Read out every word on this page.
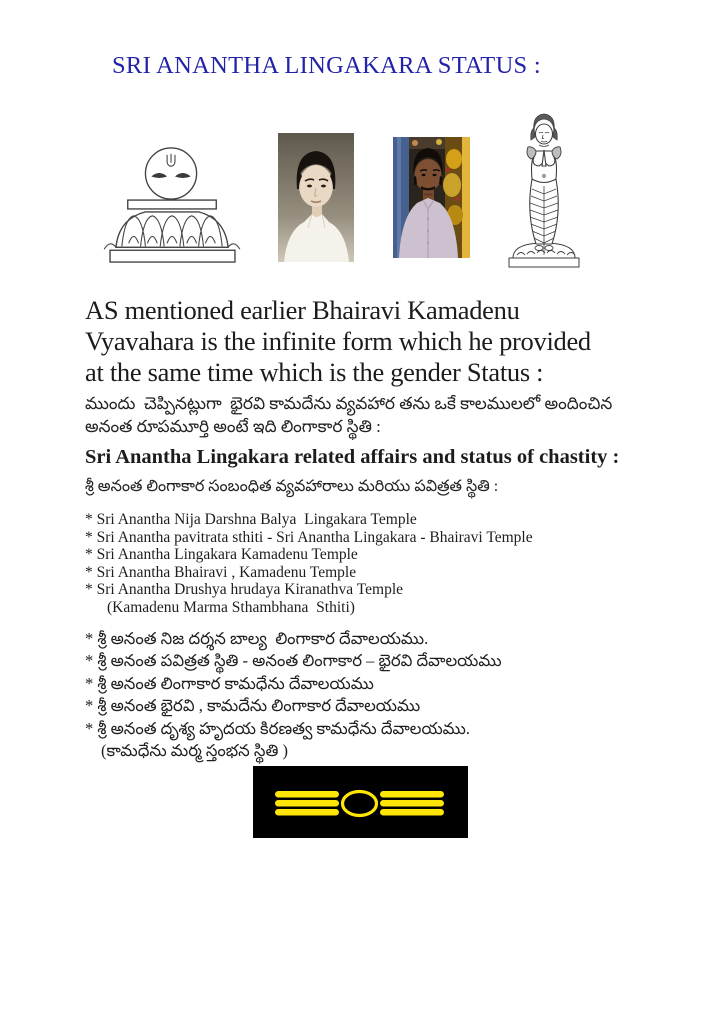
SRI ANANTHA LINGAKARA STATUS :
AS mentioned earlier Bhairavi Kamadenu
Vyavahara is the infinite form which he provided
at the same time which is the gender Status :
ముందు  చెప్పినట్లుగా  భైరవి కామదేను వ్యవహార తను ఒకే కాలములలో అందించిన
అనంత రూపమూర్తి అంటే ఇది లింగాకార స్థితి :
Sri Anantha Lingakara related affairs and status of chastity :
శ్రీ అనంత లింగాకార సంబంధిత వ్యవహారాలు మరియు పవిత్రత స్థితి :
* Sri Anantha Nija Darshna Balya  Lingakara Temple
* Sri Anantha pavitrata sthiti - Sri Anantha Lingakara - Bhairavi Temple
* Sri Anantha Lingakara Kamadenu Temple
* Sri Anantha Bhairavi , Kamadenu Temple
* Sri Anantha Drushya hrudaya Kiranathva Temple
(Kamadenu Marma Sthambhana  Sthiti)
* శ్రీ అనంత నిజ దర్శన బాల్య  లింగాకార దేవాలయము.
* శ్రీ అనంత పవిత్రత స్థితి - అనంత లింగాకార – భైరవి దేవాలయము
* శ్రీ అనంత లింగాకార కామధేను దేవాలయము
* శ్రీ అనంత భైరవి , కామదేను లింగాకార దేవాలయము
* శ్రీ అనంత దృశ్య హృదయ కిరణత్వ కామధేను దేవాలయము.
(కామధేను మర్మ స్తంభన స్థితి )
